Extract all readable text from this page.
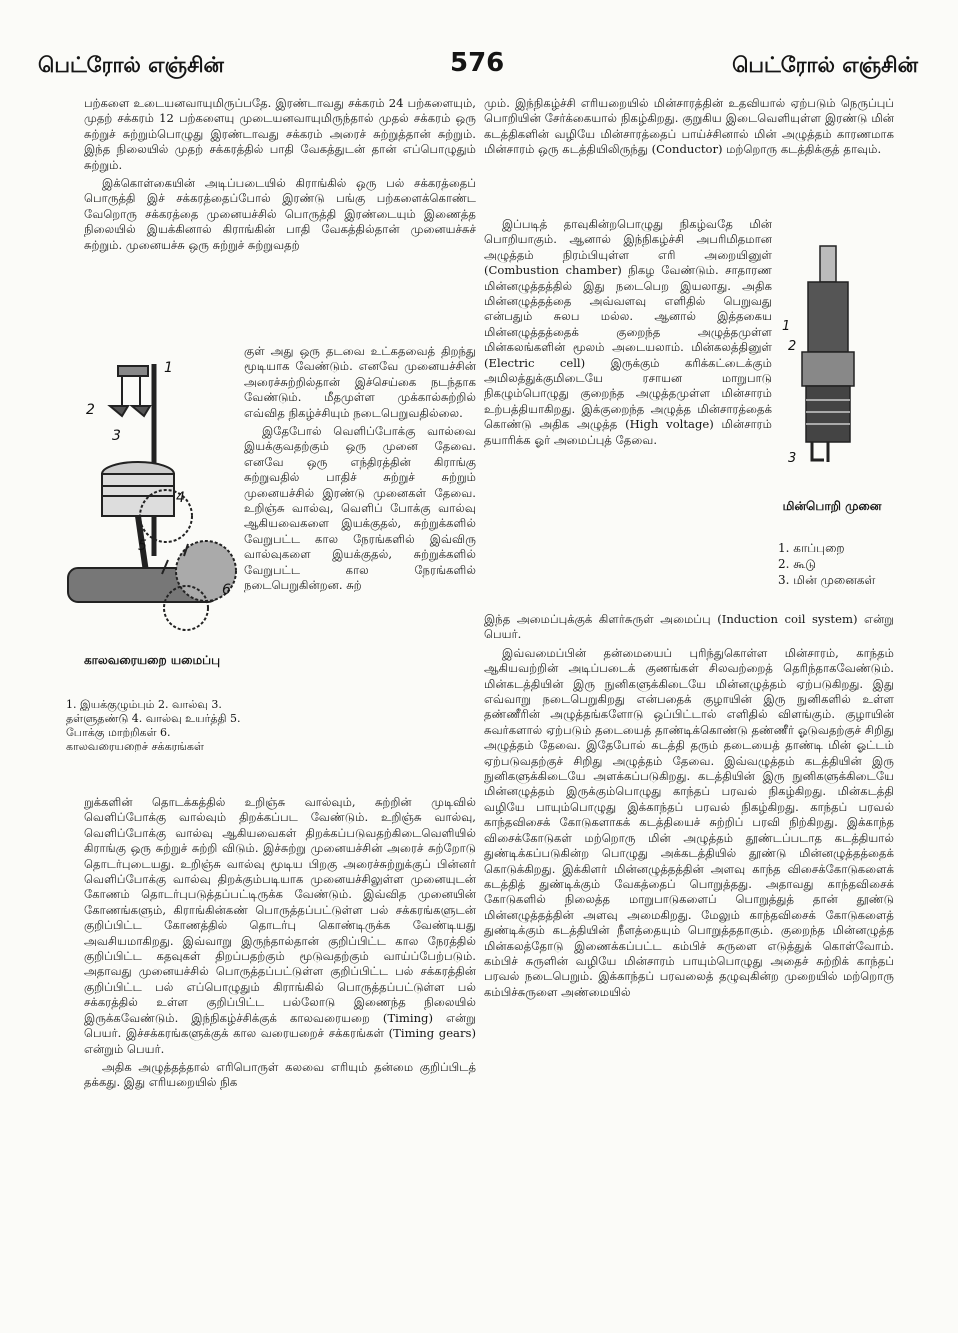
பெட்ரோல் எஞ்சின்	576	பெட்ரோல் எஞ்சின்

பற்களை உடையனவாயுமிருப்பதே. இரண்டாவது சக்கரம் 24 பற்களையும், முதற் சக்கரம் 12 பற்களையு முடையனவாயுமிருந்தால் முதல் சக்கரம் ஒரு சுற்றுச் சுற்றும்பொழுது இரண்டாவது சக்கரம் அரைச் சுற்றுத்தான் சுற்றும். இந்த நிலையில் முதற் சக்கரத்தில் பாதி வேகத்துடன் தான் எப்பொழுதும் சுற்றும்.

இக்கொள்கையின் அடிப்படையில் கிராங்கில் ஒரு பல் சக்கரத்தைப் பொருத்தி இச் சக்கரத்தைப்போல் இரண்டு பங்கு பற்களைக்கொண்ட வேறொரு சக்கரத்தை முனையச்சில் பொருத்தி இரண்டையும் இணைத்த நிலையில் இயக்கினால் கிராங்கின் பாதி வேகத்தில்தான் முனையச்சுச் சுற்றும். முனையச்சு ஒரு சுற்றுச் சுற்றுவதற்

1
2
3
4
5
6
காலவரையறை யமைப்பு
1. இயக்குழும்பும் 2. வால்வு 3. தள்ளுதண்டு 4. வால்வு உயர்த்தி 5. போக்கு மாற்றிகள் 6. காலவரையறைச் சக்கரங்கள்

குள் அது ஒரு தடவை உட்கதவைத் திறந்து மூடியாக வேண்டும். எனவே முனையச்சின் அரைச்சுற்றில்தான் இச்செய்கை நடந்தாக வேண்டும். மீதமுள்ள முக்கால்சுற்றில் எவ்வித நிகழ்ச்சியும் நடைபெறுவதில்லை.

இதேபோல் வெளிப்போக்கு வால்வை இயக்குவதற்கும் ஒரு முனை தேவை. எனவே ஒரு எந்திரத்தின் கிராங்கு சுற்றுவதில் பாதிச் சுற்றுச் சுற்றும் முனையச்சில் இரண்டு முனைகள் தேவை. உறிஞ்சு வால்வு, வெளிப் போக்கு வால்வு ஆகியவைகளை இயக்குதல், சுற்றுக்களில் வேறுபட்ட கால நேரங்களில் இவ்விரு வால்வுகளை இயக்குதல், சுற்றுக்களில் வேறுபட்ட கால நேரங்களில் நடைபெறுகின்றன. சுற்

றுக்களின் தொடக்கத்தில் உறிஞ்சு வால்வும், சுற்றின் முடிவில் வெளிப்போக்கு வால்வும் திறக்கப்பட வேண்டும். உறிஞ்சு வால்வு, வெளிப்போக்கு வால்வு ஆகியவைகள் திறக்கப்படுவதற்கிடைவெளியில் கிராங்கு ஒரு சுற்றுச் சுற்றி விடும். இச்சுற்று முனையச்சின் அரைச் சுற்றோடு தொடர்புடையது. உறிஞ்சு வால்வு மூடிய பிறகு அரைச்சுற்றுக்குப் பின்னர் வெளிப்போக்கு வால்வு திறக்கும்படியாக முனையச்சிலுள்ள முனையுடன் கோணம் தொடர்புபடுத்தப்பட்டிருக்க வேண்டும். இவ்வித முனையின் கோணங்களும், கிராங்கின்கண் பொருத்தப்பட்டுள்ள பல் சக்கரங்களுடன் குறிப்பிட்ட கோணத்தில் தொடர்பு கொண்டிருக்க வேண்டியது அவசியமாகிறது. இவ்வாறு இருந்தால்தான் குறிப்பிட்ட கால நேரத்தில் குறிப்பிட்ட கதவுகள் திறப்பதற்கும் மூடுவதற்கும் வாய்ப்பேற்படும். அதாவது முனையச்சில் பொருத்தப்பட்டுள்ள குறிப்பிட்ட பல் சக்கரத்தின் குறிப்பிட்ட பல் எப்பொழுதும் கிராங்கில் பொருத்தப்பட்டுள்ள பல் சக்கரத்தில் உள்ள குறிப்பிட்ட பல்லோடு இணைந்த நிலையில் இருக்கவேண்டும். இந்நிகழ்ச்சிக்குக் காலவரையறை (Timing) என்று பெயர். இச்சக்கரங்களுக்குக் கால வரையறைச் சக்கரங்கள் (Timing gears) என்றும் பெயர்.

அதிக அழுத்தத்தால் எரிபொருள் கலவை எரியும் தன்மை குறிப்பிடத் தக்கது. இது எரியறையில் நிக

மும். இந்நிகழ்ச்சி எரியறையில் மின்சாரத்தின் உதவியால் ஏற்படும் நெருப்புப் பொறியின் சேர்க்கையால் நிகழ்கிறது. குறுகிய இடைவெளியுள்ள இரண்டு மின் கடத்திகளின் வழியே மின்சாரத்தைப் பாய்ச்சினால் மின் அழுத்தம் காரணமாக மின்சாரம் ஒரு கடத்தியிலிருந்து (Conductor) மற்றொரு கடத்திக்குத் தாவும்.

இப்படித் தாவுகின்றபொழுது நிகழ்வதே மின் பொறியாகும். ஆனால் இந்நிகழ்ச்சி அபரிமிதமான அழுத்தம் நிரம்பியுள்ள எரி அறையினுள் (Combustion chamber) நிகழ வேண்டும். சாதாரண மின்னழுத்தத்தில் இது நடைபெற இயலாது. அதிக மின்னழுத்தத்தை அவ்வளவு எளிதில் பெறுவது என்பதும் சுலப மல்ல. ஆனால் இத்தகைய மின்னழுத்தத்தைக் குறைந்த அழுத்தமுள்ள மின்கலங்களின் மூலம் அடையலாம். மின்கலத்தினுள் (Electric cell) இருக்கும் கரிக்கட்டைக்கும் அமிலத்துக்குமிடையே ரசாயன மாறுபாடு நிகழும்பொழுது குறைந்த அழுத்தமுள்ள மின்சாரம் உற்பத்தியாகிறது. இக்குறைந்த அழுத்த மின்சாரத்தைக் கொண்டு அதிக அழுத்த (High voltage) மின்சாரம் தயாரிக்க ஓர் அமைப்புத் தேவை.

1
2
3
மின்பொறி முனை
1. காப்புறை
2. கூடு
3. மின் முனைகள்

இந்த அமைப்புக்குக் கிளர்சுருள் அமைப்பு (Induction coil system) என்று பெயர்.

இவ்வமைப்பின் தன்மையைப் புரிந்துகொள்ள மின்சாரம், காந்தம் ஆகியவற்றின் அடிப்படைக் குணங்கள் சிலவற்றைத் தெரிந்தாகவேண்டும். மின்கடத்தியின் இரு நுனிகளுக்கிடையே மின்னழுத்தம் ஏற்படுகிறது. இது எவ்வாறு நடைபெறுகிறது என்பதைக் குழாயின் இரு நுனிகளில் உள்ள தண்ணீரின் அழுத்தங்களோடு ஒப்பிட்டால் எளிதில் விளங்கும். குழாயின் சுவர்களால் ஏற்படும் தடையைத் தாண்டிக்கொண்டு தண்ணீர் ஓடுவதற்குச் சிறிது அழுத்தம் தேவை. இதேபோல் கடத்தி தரும் தடையைத் தாண்டி மின் ஓட்டம் ஏற்படுவதற்குச் சிறிது அழுத்தம் தேவை. இவ்வழுத்தம் கடத்தியின் இரு நுனிகளுக்கிடையே அளக்கப்படுகிறது. கடத்தியின் இரு நுனிகளுக்கிடையே மின்னழுத்தம் இருக்கும்பொழுது காந்தப் பரவல் நிகழ்கிறது. மின்கடத்தி வழியே பாயும்பொழுது இக்காந்தப் பரவல் நிகழ்கிறது. காந்தப் பரவல் காந்தவிசைக் கோடுகளாகக் கடத்தியைச் சுற்றிப் பரவி நிற்கிறது. இக்காந்த விசைக்கோடுகள் மற்றொரு மின் அழுத்தம் தூண்டப்படாத கடத்தியால் துண்டிக்கப்படுகின்ற பொழுது அக்கடத்தியில் தூண்டு மின்னழுத்தத்தைக் கொடுக்கிறது. இக்கிளர் மின்னழுத்தத்தின் அளவு காந்த விசைக்கோடுகளைக் கடத்தித் துண்டிக்கும் வேகத்தைப் பொறுத்தது. அதாவது காந்தவிசைக் கோடுகளில் நிலைத்த மாறுபாடுகளைப் பொறுத்துத் தான் தூண்டு மின்னழுத்தத்தின் அளவு அமைகிறது. மேலும் காந்தவிசைக் கோடுகளைத் துண்டிக்கும் கடத்தியின் நீளத்தையும் பொறுத்ததாகும். குறைந்த மின்னழுத்த மின்கலத்தோடு இணைக்கப்பட்ட கம்பிச் சுருளை எடுத்துக் கொள்வோம். கம்பிச் சுருளின் வழியே மின்சாரம் பாயும்பொழுது அதைச் சுற்றிக் காந்தப் பரவல் நடைபெறும். இக்காந்தப் பரவலைத் தழுவுகின்ற முறையில் மற்றொரு கம்பிச்சுருளை அண்மையில்
